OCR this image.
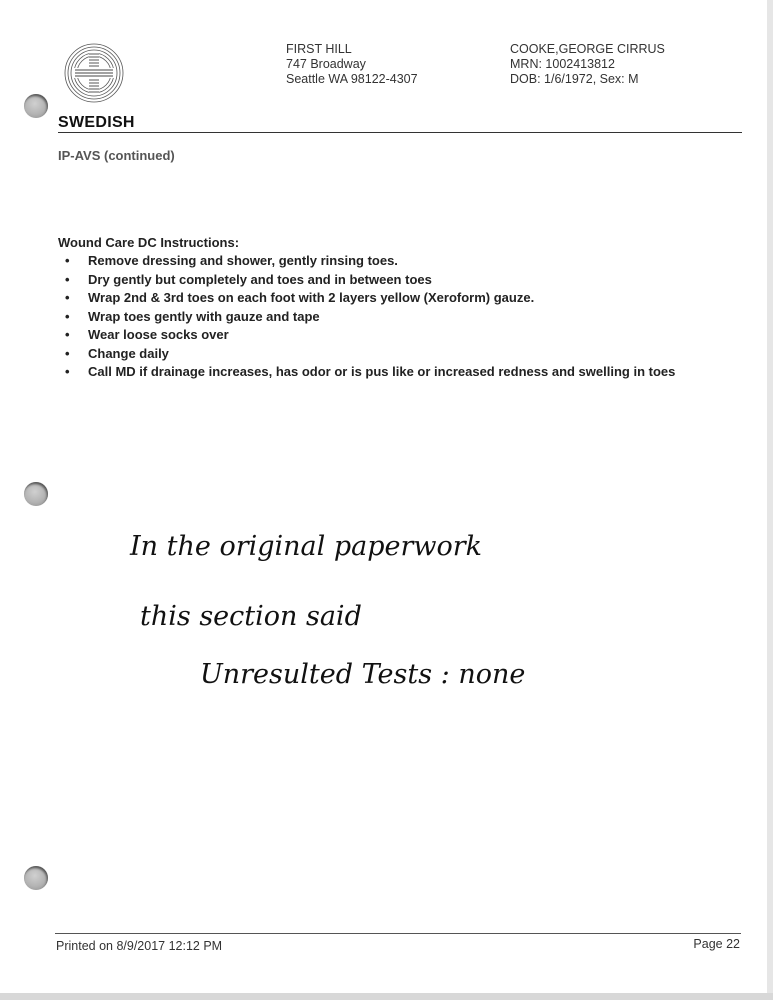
SWEDISH
FIRST HILL
747 Broadway
Seattle WA 98122-4307
COOKE,GEORGE CIRRUS
MRN: 1002413812
DOB: 1/6/1972, Sex: M
IP-AVS (continued)
Wound Care DC Instructions:
• Remove dressing and shower, gently rinsing toes.
• Dry gently but completely and toes and in between toes
• Wrap 2nd & 3rd toes on each foot with 2 layers yellow (Xeroform) gauze.
• Wrap toes gently with gauze and tape
• Wear loose socks over
• Change daily
• Call MD if drainage increases, has odor or is pus like or increased redness and swelling in toes
In the original paperwork
this section said
Unresulted Tests : none
Printed on 8/9/2017 12:12 PM	Page 22
